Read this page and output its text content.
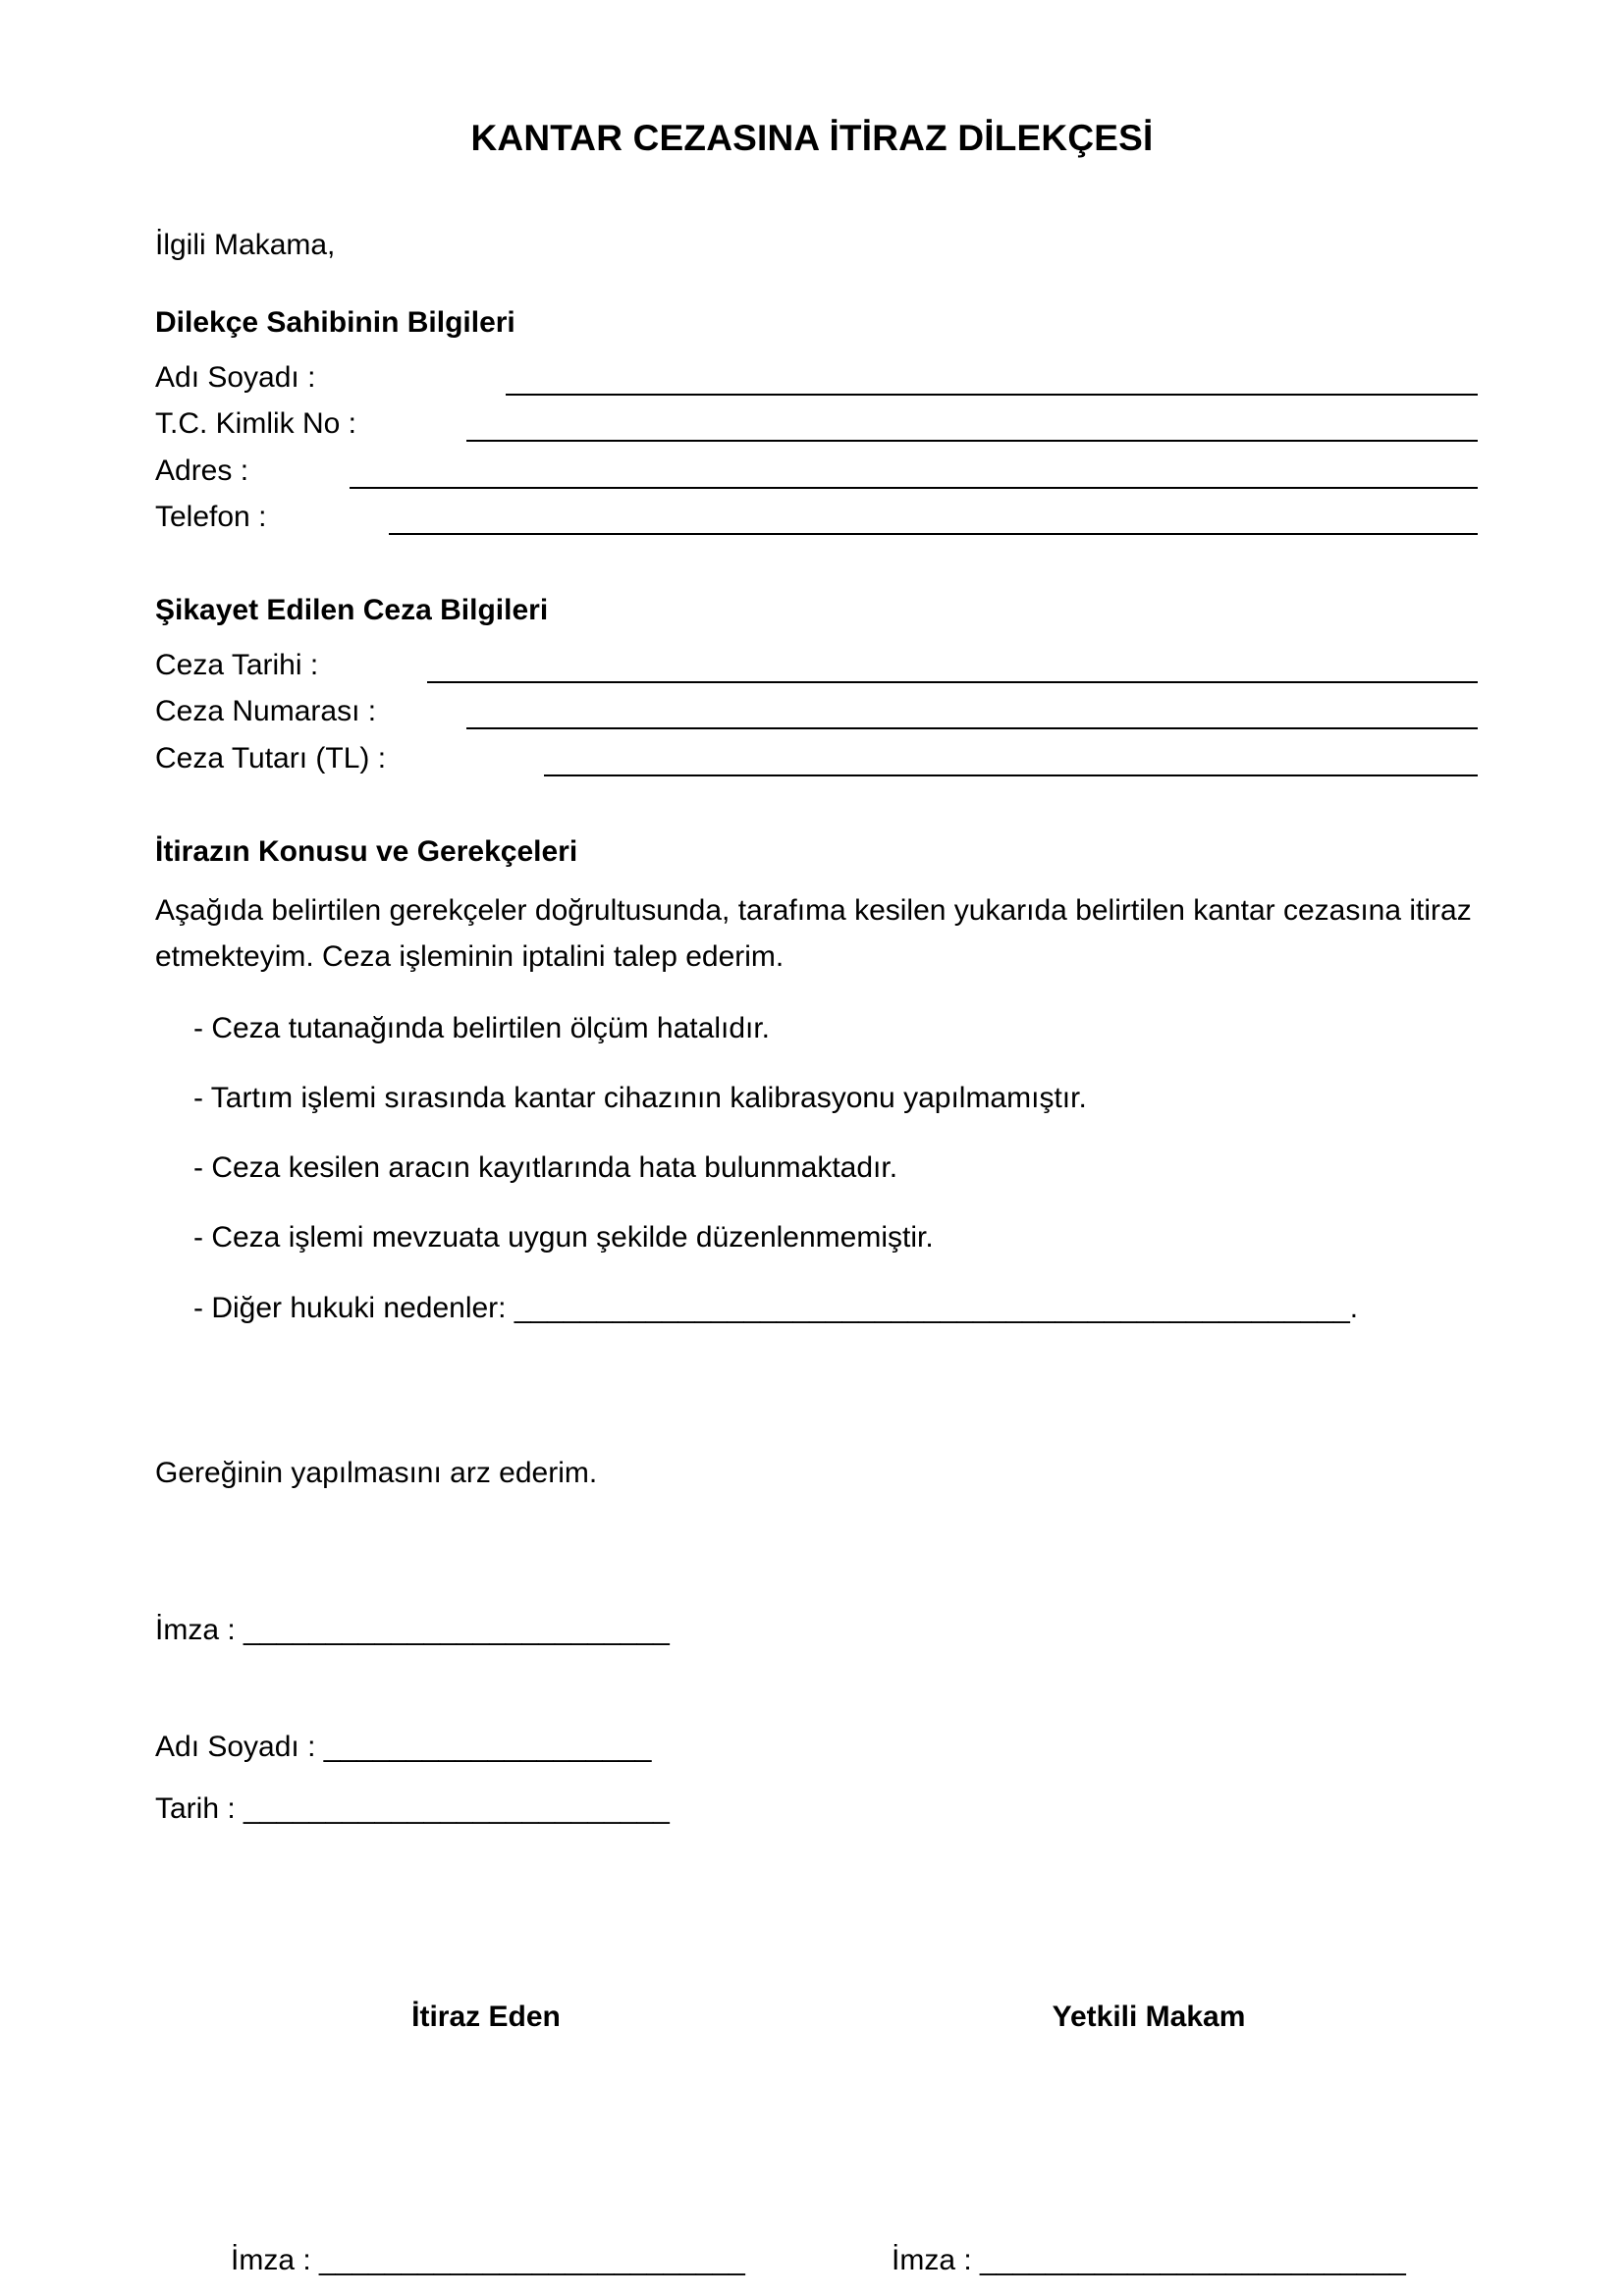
KANTAR CEZASINA İTİRAZ DİLEKÇESİ
İlgili Makama,
Dilekçe Sahibinin Bilgileri
Adı Soyadı :
T.C. Kimlik No :
Adres :
Telefon :
Şikayet Edilen Ceza Bilgileri
Ceza Tarihi :
Ceza Numarası :
Ceza Tutarı (TL) :
İtirazın Konusu ve Gerekçeleri
Aşağıda belirtilen gerekçeler doğrultusunda, tarafıma kesilen yukarıda belirtilen kantar cezasına itiraz etmekteyim. Ceza işleminin iptalini talep ederim.
- Ceza tutanağında belirtilen ölçüm hatalıdır.
- Tartım işlemi sırasında kantar cihazının kalibrasyonu yapılmamıştır.
- Ceza kesilen aracın kayıtlarında hata bulunmaktadır.
- Ceza işlemi mevzuata uygun şekilde düzenlenmemiştir.
- Diğer hukuki nedenler: ___________________________________________________.
Gereğinin yapılmasını arz ederim.
İmza : __________________________
Adı Soyadı : ____________________
Tarih : __________________________
İtiraz Eden	Yetkili Makam
İmza : __________________________	İmza : __________________________
